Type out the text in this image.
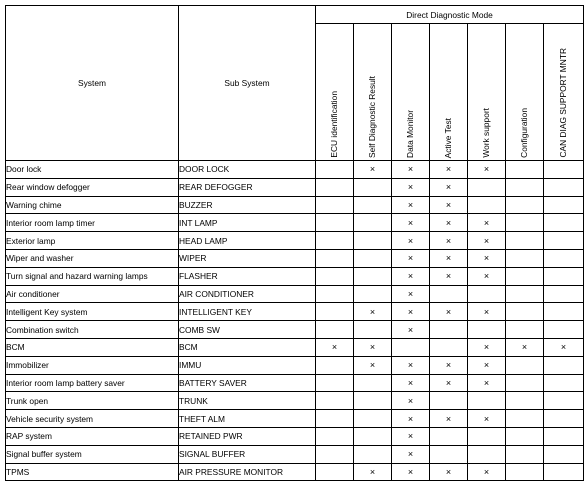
System	Sub System	Direct Diagnostic Mode						
		ECU identification	Self Diagnostic Result	Data Monitor	Active Test	Work support	Configuration	CAN DIAG SUPPORT MNTR
Door lock	DOOR LOCK		×	×	×	×		
Rear window defogger	REAR DEFOGGER			×	×			
Warning chime	BUZZER			×	×			
Interior room lamp timer	INT LAMP			×	×	×		
Exterior lamp	HEAD LAMP			×	×	×		
Wiper and washer	WIPER			×	×	×		
Turn signal and hazard warning lamps	FLASHER			×	×	×		
Air conditioner	AIR CONDITIONER			×				
Intelligent Key system	INTELLIGENT KEY		×	×	×	×		
Combination switch	COMB SW			×				
BCM	BCM	×	×			×	×	×
Immobilizer	IMMU		×	×	×	×		
Interior room lamp battery saver	BATTERY SAVER			×	×	×		
Trunk open	TRUNK			×				
Vehicle security system	THEFT ALM			×	×	×		
RAP system	RETAINED PWR			×				
Signal buffer system	SIGNAL BUFFER			×				
TPMS	AIR PRESSURE MONITOR		×	×	×	×		
